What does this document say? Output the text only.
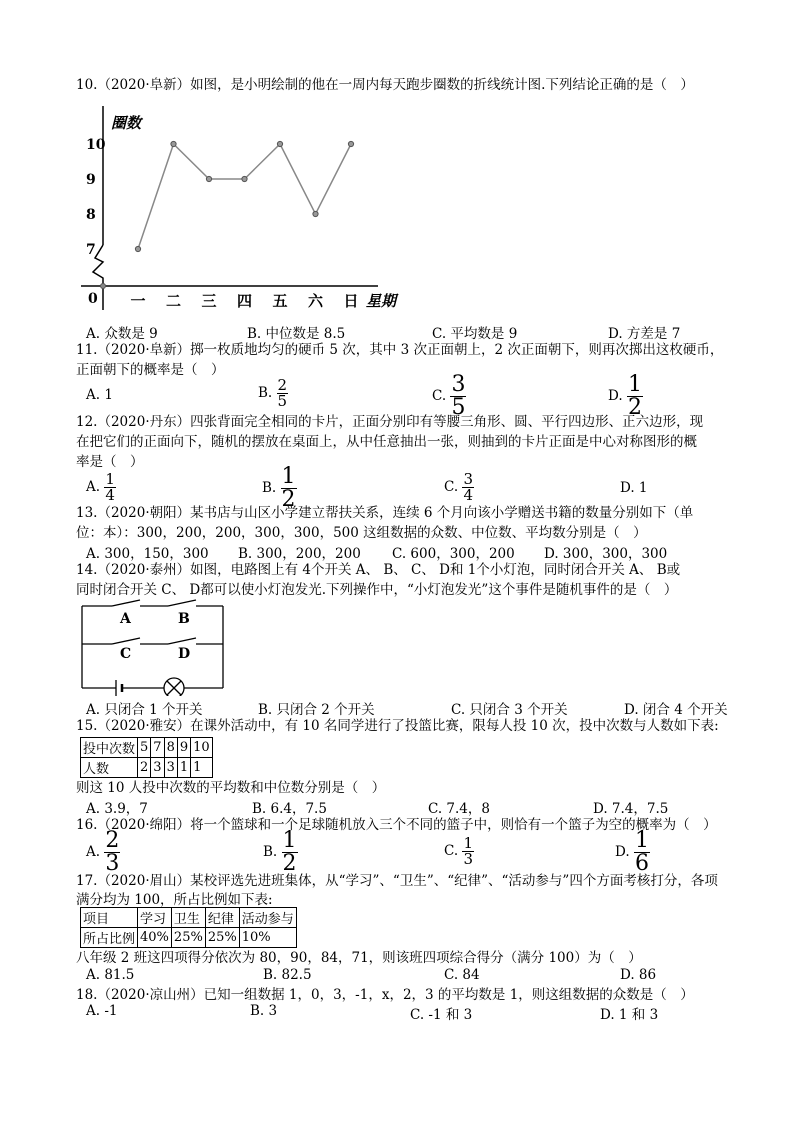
10.（2020·阜新）如图，是小明绘制的他在一周内每天跑步圈数的折线统计图.下列结论正确的是（　）
圈数
星期
0
7
8
9
10
一 二 三 四 五 六 日
A. 众数是 9	B. 中位数是 8.5	C. 平均数是 9	D. 方差是 7
11.（2020·阜新）掷一枚质地均匀的硬币 5 次，其中 3 次正面朝上，2 次正面朝下，则再次掷出这枚硬币，
正面朝下的概率是（　）
A. 1	B. $\frac{2}{5}$	C. $\frac{3}{5}$	D. $\frac{1}{2}$
12.（2020·丹东）四张背面完全相同的卡片，正面分别印有等腰三角形、圆、平行四边形、正六边形，现
在把它们的正面向下，随机的摆放在桌面上，从中任意抽出一张，则抽到的卡片正面是中心对称图形的概
率是（　）
A. $\frac{1}{4}$	B. $\frac{1}{2}$	C. $\frac{3}{4}$	D. 1
13.（2020·朝阳）某书店与山区小学建立帮扶关系，连续 6 个月向该小学赠送书籍的数量分别如下（单
位：本）：300，200，200，300，300，500 这组数据的众数、中位数、平均数分别是（　）
A. 300，150，300 B. 300，200，200 C. 600，300，200 D. 300，300，300
14.（2020·泰州）如图，电路图上有 4个开关 A、 B、 C、 D和 1个小灯泡，同时闭合开关 A、 B或
同时闭合开关 C、 D都可以使小灯泡发光.下列操作中，“小灯泡发光”这个事件是随机事件的是（　）
A	B
C	D
A. 只闭合 1 个开关	B. 只闭合 2 个开关	C. 只闭合 3 个开关	D. 闭合 4 个开关
15.（2020·雅安）在课外活动中，有 10 名同学进行了投篮比赛，限每人投 10 次，投中次数与人数如下表:
投中次数	5	7	8	9	10
人数	2	3	3	1	1
则这 10 人投中次数的平均数和中位数分别是（　）
A. 3.9，7	B. 6.4，7.5	C. 7.4，8	D. 7.4，7.5
16.（2020·绵阳）将一个篮球和一个足球随机放入三个不同的篮子中，则恰有一个篮子为空的概率为（　）
A. $\frac{2}{3}$	B. $\frac{1}{2}$	C. $\frac{1}{3}$	D. $\frac{1}{6}$
17.（2020·眉山）某校评选先进班集体，从“学习”、“卫生”、“纪律”、“活动参与”四个方面考核打分，各项
满分均为 100，所占比例如下表:
项目	学习	卫生	纪律	活动参与
所占比例	40%	25%	25%	10%
八年级 2 班这四项得分依次为 80，90，84，71，则该班四项综合得分（满分 100）为（　）
A. 81.5	B. 82.5	C. 84	D. 86
18.（2020·凉山州）已知一组数据 1，0，3，-1，x，2，3 的平均数是 1，则这组数据的众数是（　）
A. -1	B. 3	C. -1 和 3	D. 1 和 3
